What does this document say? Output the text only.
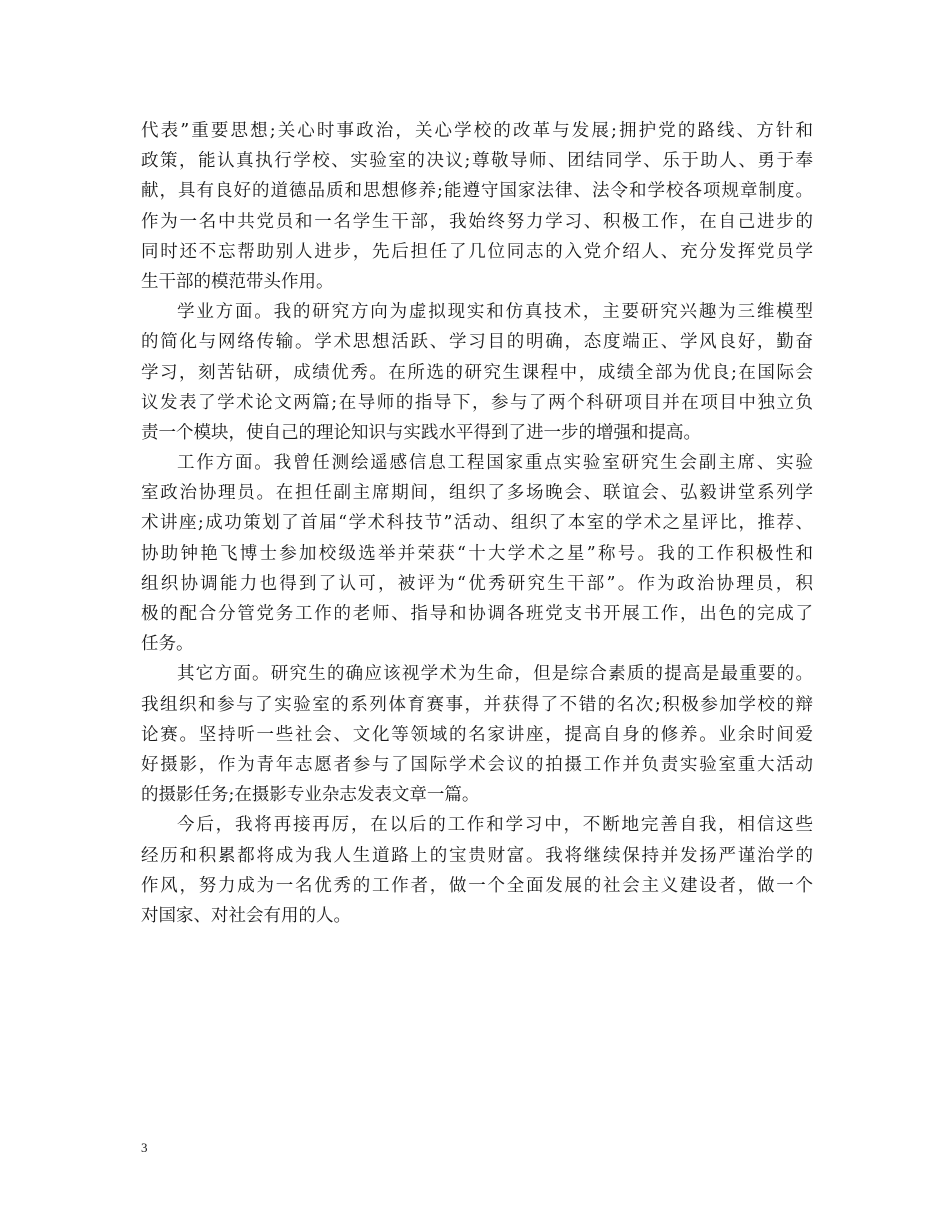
代表”重要思想;关心时事政治，关心学校的改革与发展;拥护党的路线、方针和
政策，能认真执行学校、实验室的决议;尊敬导师、团结同学、乐于助人、勇于奉
献，具有良好的道德品质和思想修养;能遵守国家法律、法令和学校各项规章制度。
作为一名中共党员和一名学生干部，我始终努力学习、积极工作，在自己进步的
同时还不忘帮助别人进步，先后担任了几位同志的入党介绍人、充分发挥党员学
生干部的模范带头作用。
学业方面。我的研究方向为虚拟现实和仿真技术，主要研究兴趣为三维模型
的简化与网络传输。学术思想活跃、学习目的明确，态度端正、学风良好，勤奋
学习，刻苦钻研，成绩优秀。在所选的研究生课程中，成绩全部为优良;在国际会
议发表了学术论文两篇;在导师的指导下，参与了两个科研项目并在项目中独立负
责一个模块，使自己的理论知识与实践水平得到了进一步的增强和提高。
工作方面。我曾任测绘遥感信息工程国家重点实验室研究生会副主席、实验
室政治协理员。在担任副主席期间，组织了多场晚会、联谊会、弘毅讲堂系列学
术讲座;成功策划了首届“学术科技节”活动、组织了本室的学术之星评比，推荐、
协助钟艳飞博士参加校级选举并荣获“十大学术之星”称号。我的工作积极性和
组织协调能力也得到了认可，被评为“优秀研究生干部”。作为政治协理员，积
极的配合分管党务工作的老师、指导和协调各班党支书开展工作，出色的完成了
任务。
其它方面。研究生的确应该视学术为生命，但是综合素质的提高是最重要的。
我组织和参与了实验室的系列体育赛事，并获得了不错的名次;积极参加学校的辩
论赛。坚持听一些社会、文化等领域的名家讲座，提高自身的修养。业余时间爱
好摄影，作为青年志愿者参与了国际学术会议的拍摄工作并负责实验室重大活动
的摄影任务;在摄影专业杂志发表文章一篇。
今后，我将再接再厉，在以后的工作和学习中，不断地完善自我，相信这些
经历和积累都将成为我人生道路上的宝贵财富。我将继续保持并发扬严谨治学的
作风，努力成为一名优秀的工作者，做一个全面发展的社会主义建设者，做一个
对国家、对社会有用的人。
3
